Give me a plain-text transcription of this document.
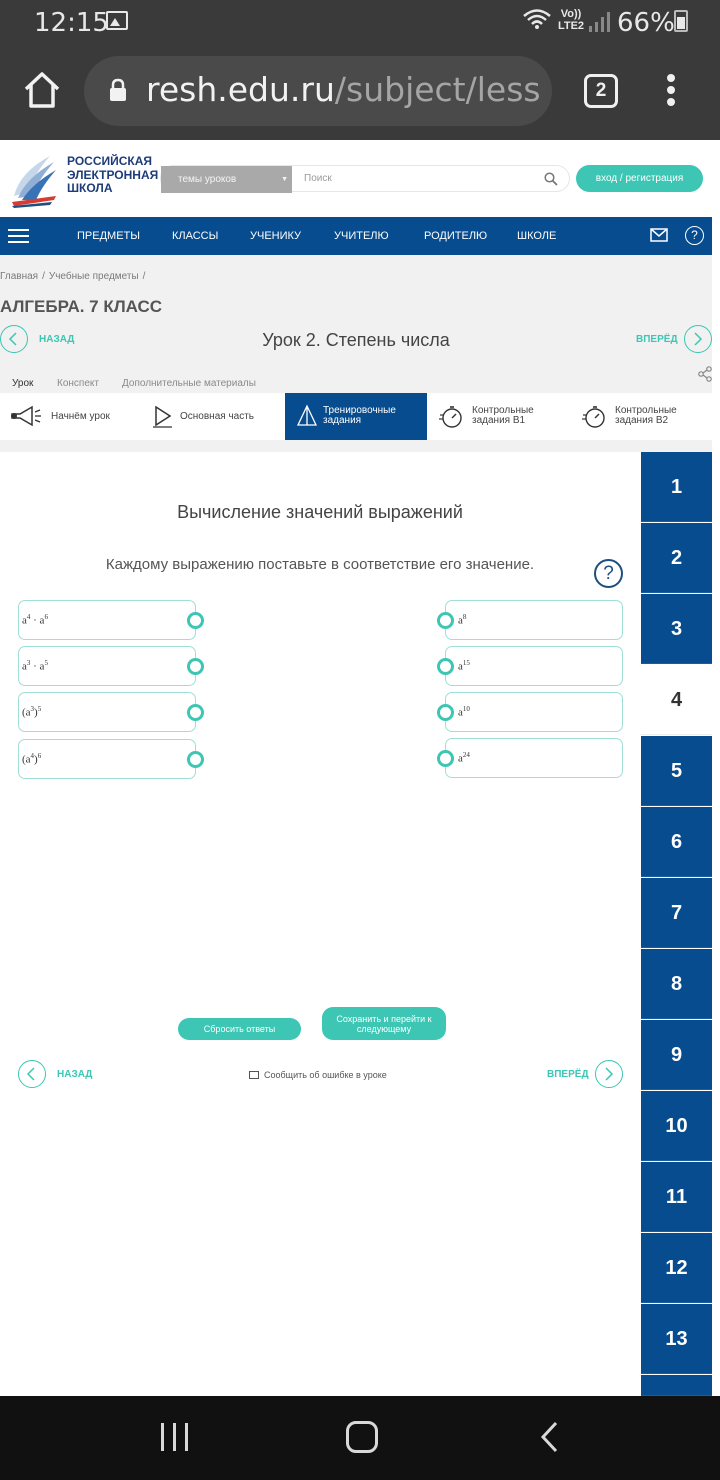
12:15	Vo)) LTE2 66%
resh.edu.ru/subject/less	2
РОССИЙСКАЯ
ЭЛЕКТРОННАЯ
ШКОЛА
темы уроков	▼	Поиск	вход / регистрация
ПРЕДМЕТЫ	КЛАССЫ	УЧЕНИКУ	УЧИТЕЛЮ	РОДИТЕЛЮ	ШКОЛЕ	?
Главная / Учебные предметы /
АЛГЕБРА. 7 КЛАСС
НАЗАД	Урок 2. Степень числа	ВПЕРЁД
Урок	Конспект Дополнительные материалы
Начнём урок	Основная часть	Тренировочные
задания
Контрольные
задания В1
Контрольные
задания В2
Вычисление значений выражений
Каждому выражению поставьте в соответствие его значение.	?
$a^4 \cdot a^6$
$a^3 \cdot a^5$
$(a^3)^5$
$(a^4)^6$
$a^8$
$a^{15}$
$a^{10}$
$a^{24}$
Сбросить ответы
Сохранить и перейти к следующему
НАЗАД	Сообщить об ошибке в уроке	ВПЕРЁД
1
2
3
4
5
6
7
8
9
10
11
12
13
